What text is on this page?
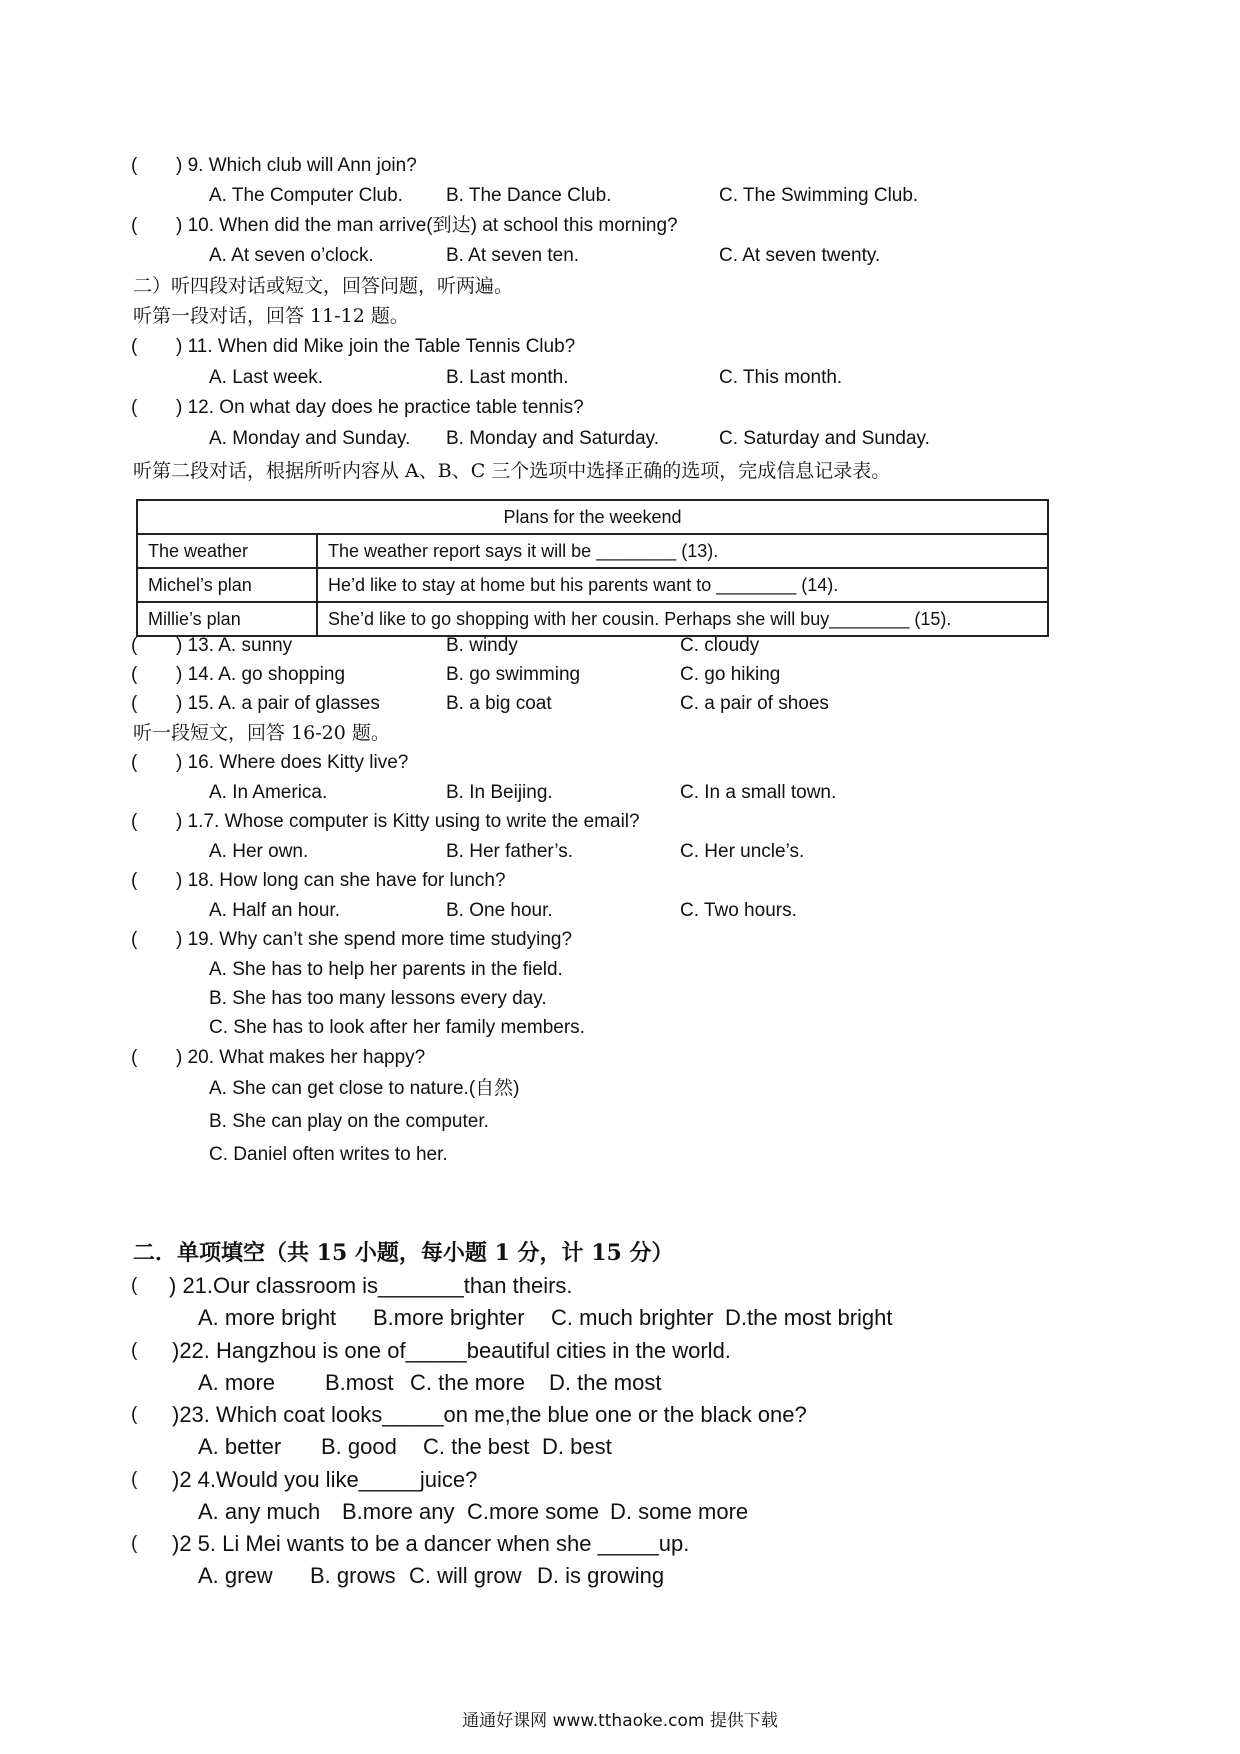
( ) 9. Which club will Ann join?
A. The Computer Club. B. The Dance Club.	C. The Swimming Club.
( ) 10. When did the man arrive(到达) at school this morning?
A. At seven o’clock.	B. At seven ten.	C. At seven twenty.
二）听四段对话或短文，回答问题，听两遍。
听第一段对话，回答 11-12 题。
( ) 11. When did Mike join the Table Tennis Club?
A. Last week.	B. Last month.	C. This month.
( ) 12. On what day does he practice table tennis?
A. Monday and Sunday. B. Monday and Saturday.	C. Saturday and Sunday.
听第二段对话，根据所听内容从 A、B、C 三个选项中选择正确的选项，完成信息记录表。
Plans for the weekend	
The weather	The weather report says it will be ________ (13).
Michel’s plan	He’d like to stay at home but his parents want to ________ (14).
Millie’s plan	She’d like to go shopping with her cousin. Perhaps she will buy________ (15).
( ) 13. A. sunny	B. windy	C. cloudy
( ) 14. A. go shopping	B. go swimming	C. go hiking
( ) 15. A. a pair of glasses	B. a big coat	C. a pair of shoes
听一段短文，回答 16-20 题。
( ) 16. Where does Kitty live?
A. In America.	B. In Beijing.	C. In a small town.
( ) 1.7. Whose computer is Kitty using to write the email?
A. Her own.	B. Her father’s.	C. Her uncle’s.
( ) 18. How long can she have for lunch?
A. Half an hour.	B. One hour.	C. Two hours.
( ) 19. Why can’t she spend more time studying?
A. She has to help her parents in the field.
B. She has too many lessons every day.
C. She has to look after her family members.
( ) 20. What makes her happy?
A. She can get close to nature.(自然)
B. She can play on the computer.
C. Daniel often writes to her.
二．单项填空（共 15 小题，每小题 1 分，计 15 分）
( ) 21.Our classroom is_______than theirs.
A. more bright B.more brighter C. much brighter D.the most bright
( )22. Hangzhou is one of_____beautiful cities in the world.
A. more B.most C. the more D. the most
( )23. Which coat looks_____on me,the blue one or the black one?
A. better B. good C. the best D. best
( )2 4.Would you like_____juice?
A. any much B.more any C.more some D. some more
( )2 5. Li Mei wants to be a dancer when she _____up.
A. grew B. grows C. will grow D. is growing
通通好课网 www.tthaoke.com 提供下载
